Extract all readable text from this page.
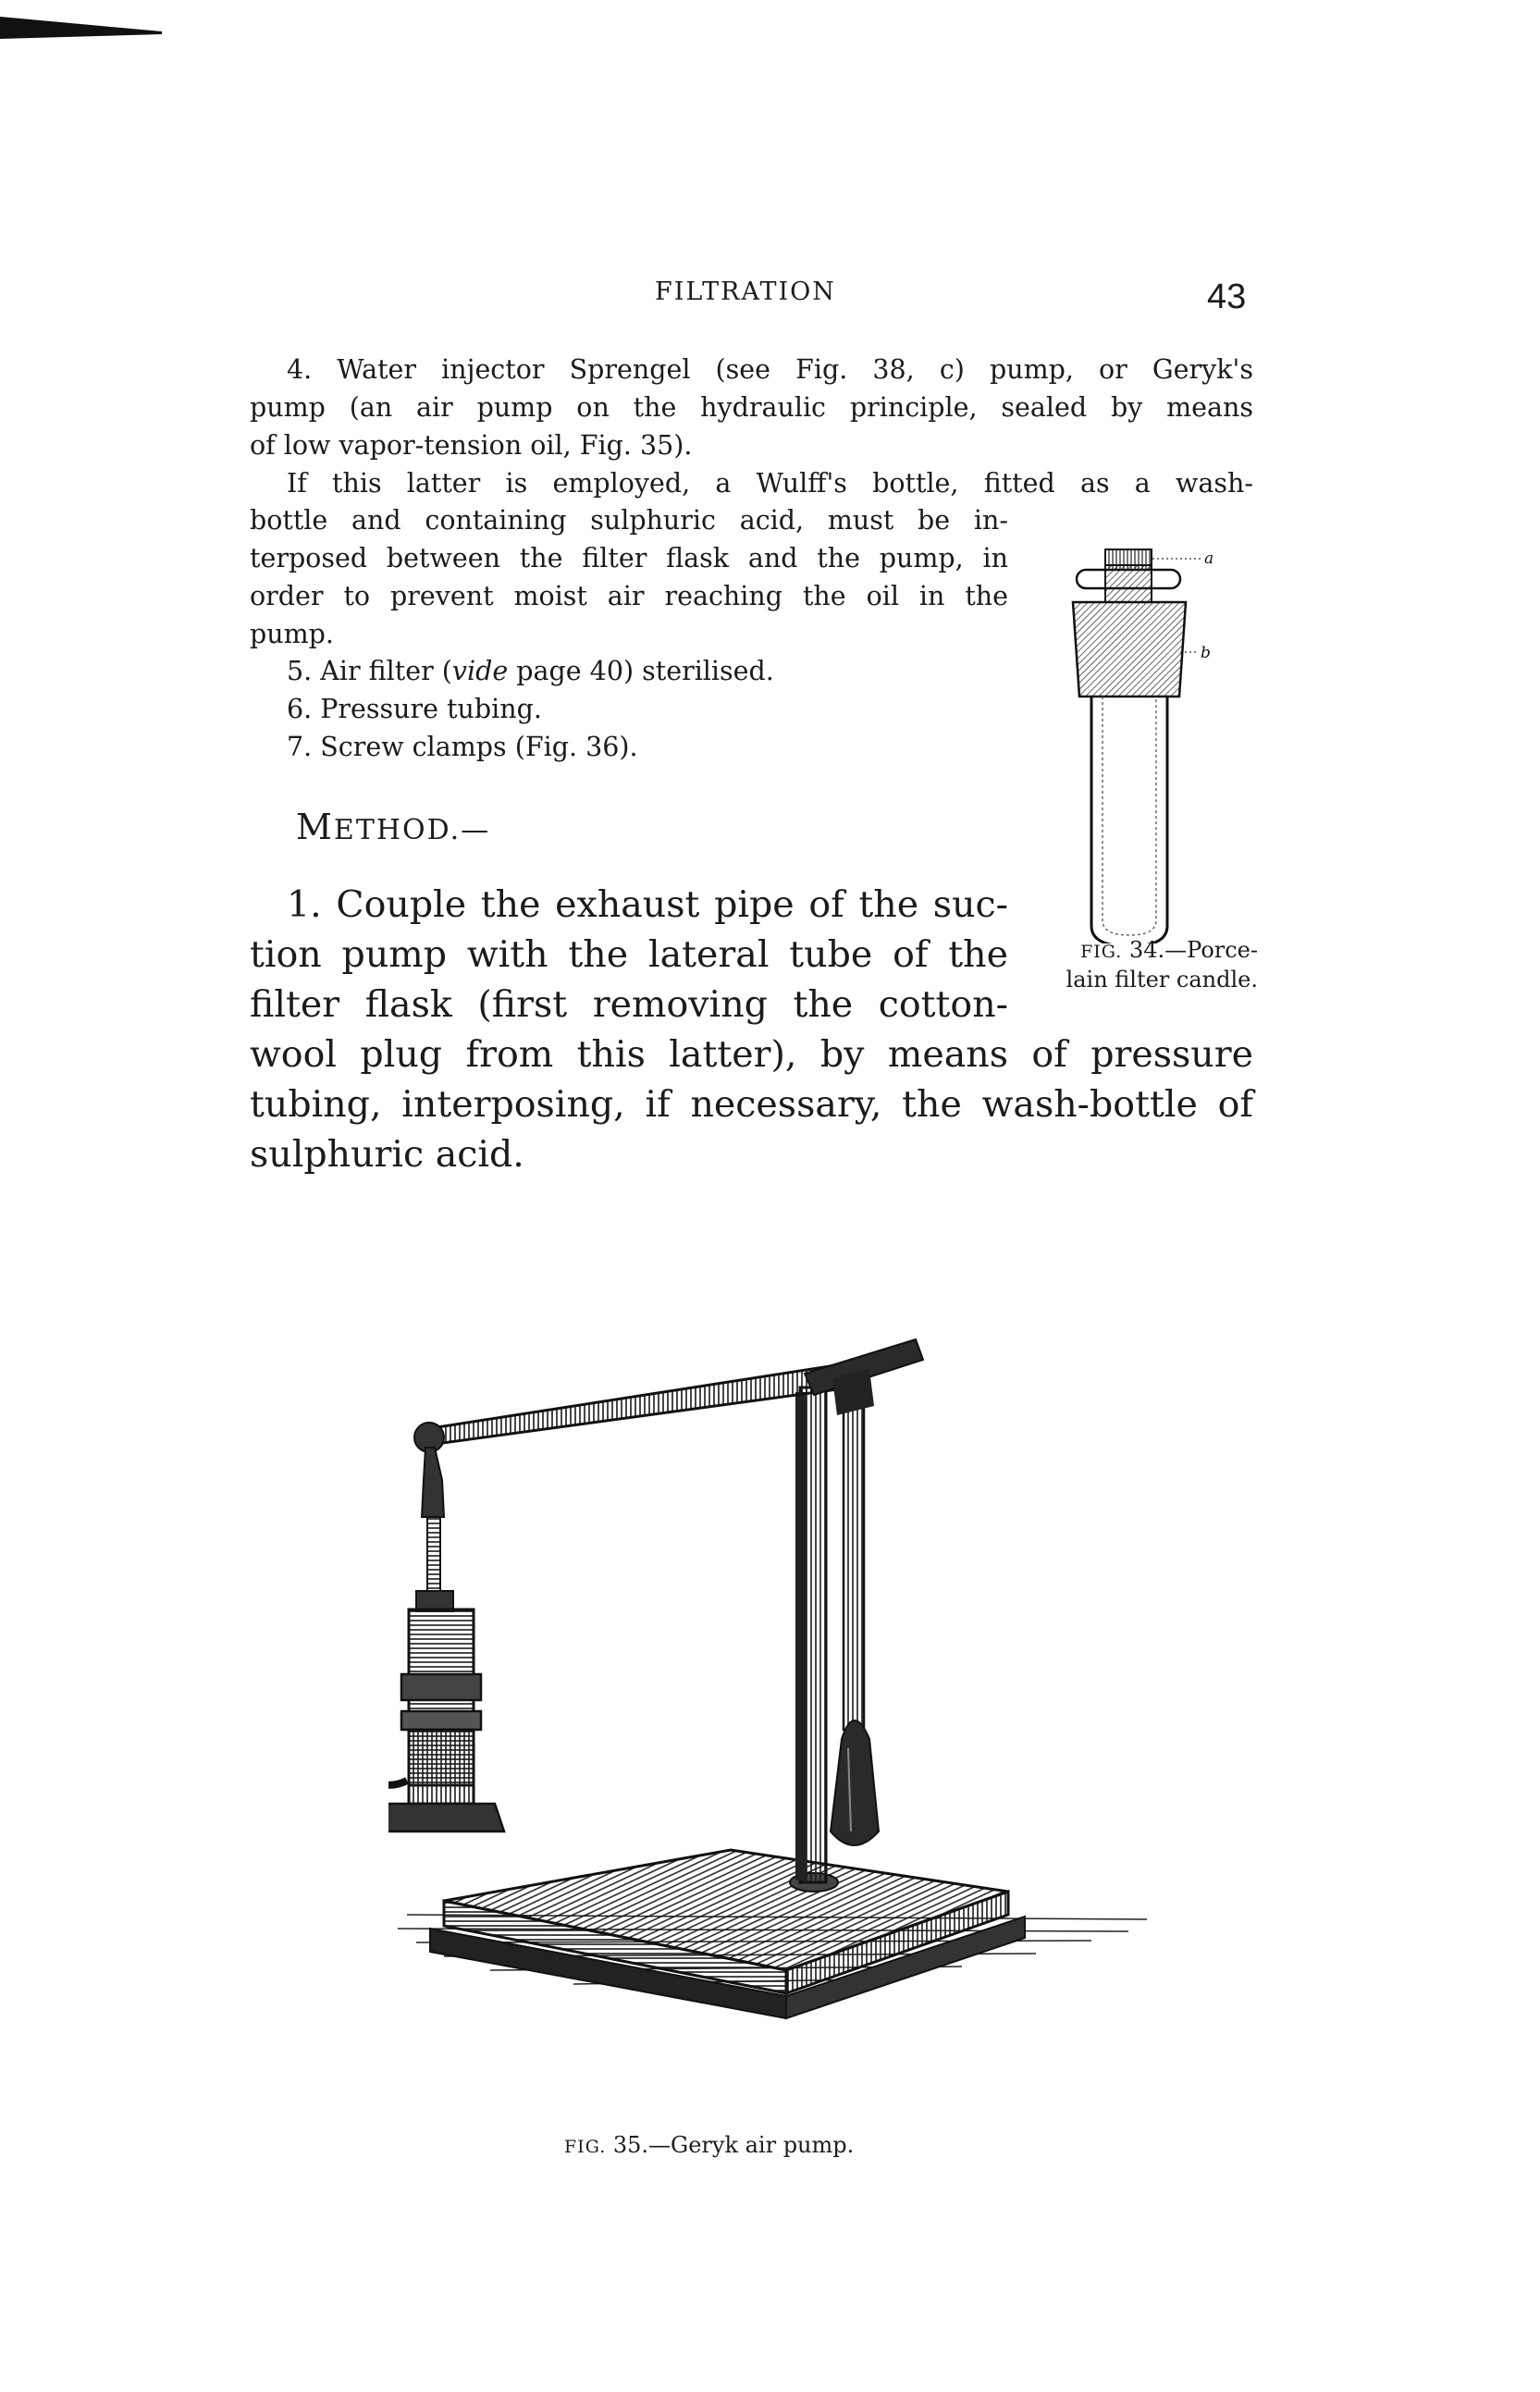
FILTRATION	43
4. Water injector Sprengel (see Fig. 38, c) pump, or Geryk's
pump (an air pump on the hydraulic principle, sealed by means
of low vapor-tension oil, Fig. 35).
If this latter is employed, a Wulff's bottle, fitted as a wash-
bottle and containing sulphuric acid, must be in-
terposed between the filter flask and the pump, in
order to prevent moist air reaching the oil in the
pump.
5. Air filter (vide page 40) sterilised.
6. Pressure tubing.
7. Screw clamps (Fig. 36).
METHOD.—
1. Couple the exhaust pipe of the suc-
tion pump with the lateral tube of the
filter flask (first removing the cotton-
wool plug from this latter), by means of pressure
tubing, interposing, if necessary, the wash-bottle of
sulphuric acid.
a
b
FIG. 34.—Porce-
lain filter candle.
FIG. 35.—Geryk air pump.
